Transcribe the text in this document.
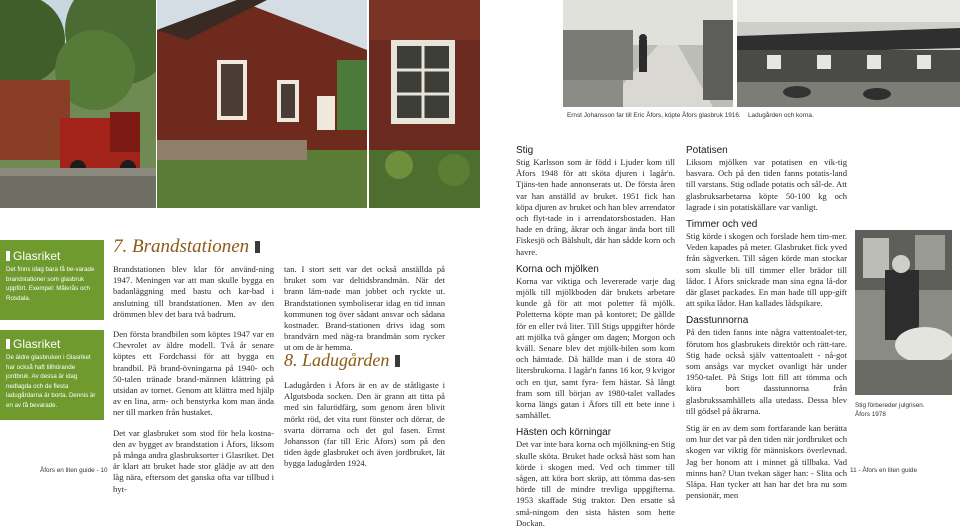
Glasriket
Det finns idag bara få be-varade brandstationer som glasbruk uppfört. Exempel: Målerås och Rosdala.
Glasriket
De äldre glasbruken i Glasriket har också haft tillhörande jordbruk. Av dessa är idag nedlagda och de flesta ladugårdarna är borta. Dennis är en av få bevarade.
7. Brandstationen

Brandstationen blev klar för använd-ning 1947. Meningen var att man skulle bygga en badanläggning med bastu och kar-bad i anslutning till brandstationen. Men av den drömmen blev det bara två badrum.

Den första brandbilen som köptes 1947 var en Chevrolet av äldre modell. Två år senare köptes ett Fordchassi för att bygga en brandbil. På brand-övningarna på 1940- och 50-talen tränade brand-männen klättring på utsidan av tornet. Genom att klättra med hjälp av en lina, arm- och benstyrka kom man ända ner till marken från hustaket.

Det var glasbruket som stod för hela kostna-den av bygget av brandstation i Åfors, liksom på många andra glasbruksorter i Glasriket. Det är klart att bruket hade stor glädje av att den låg nära, eftersom det ganska ofta var tillbud i hyt-

tan. I stort sett var det också anställda på bruket som var deltidsbrandmän. När det brann läm-nade man jobbet och ryckte ut. Brandstationen symboliserar idag en tid innan kommunen tog över sådant ansvar och sådana kostnader. Brand-stationen drivs idag som brandvärn med näg-ra brandmän som rycker ut om de är hemma.

8. Ladugården

Ladugården i Åfors är en av de ståtligaste i Algutsboda socken. Den är grann att titta på med sin falurödfärg, som genom åren blivit mörkt röd, det vita runt fönster och dörrar, de svarta dörrarna och det gul fasen. Ernst Johansson (far till Eric Åfors) som på den tiden ägde glasbruket och även jordbruket, lät bygga ladugården 1924.

Åfors en liten guide - 10
Ernst Johansson far till Eric Åfors, köpte Åfors glasbruk 1916. Ladugården och korna.
Stig

Stig Karlsson som är född i Ljuder kom till Åfors 1948 för att sköta djuren i lagår'n. Tjäns-ten hade annonserats ut. De första åren var han anställd av bruket. 1951 fick han köpa djuren av bruket och han blev arrendator och flyt-tade in i arrendatorsbostaden. Han hade en dräng, åkrar och ängar ända bort till Fiskesjö och Bälshult, där han sådde korn och havre.

Korna och mjölken

Korna var viktiga och levererade varje dag mjölk till mjölkboden där brukets arbetare kunde gå för att mot poletter få mjölk. Poletterna köpte man på kontoret; De gällde för en eller två liter. Till Stigs uppgifter hörde att mjölka två gånger om dagen; Morgon och kväll. Senare blev det mjölk-bilen som kom och hämtade. Då hällde man i de stora 40 litersbrukorna. I lagår'n fanns 16 kor, 9 kvigor och en tjur, samt fyra- fem hästar. Så långt fram som till början av 1980-talet vallades korna längs gatan i Åfors till ett bete inne i samhället.

Hästen och körningar

Det var inte bara korna och mjölkning-en Stig skulle sköta. Bruket hade också häst som han körde i skogen med. Ved och timmer till sågen, att köra bort skräp, att tömma das-sen hörde till de mindre trevliga uppgifterna. 1953 skaffade Stig traktor. Den ersatte så små-ningom den sista hästen som hette Dockan.

Potatisen

Liksom mjölken var potatisen en vik-tig basvara. Och på den tiden fanns potatis-land till varstans. Stig odlade potatis och sål-de. Att glasbruksarbetarna köpte 50-100 kg och lagrade i sin potatiskällare var vanligt.

Timmer och ved

Stig körde i skogen och forslade hem tim-mer. Veden kapades på meter. Glasbruket fick yved från sågverken. Till sågen körde man stockar som skulle bli till timmer eller brädor till lådor. I Åfors snickrade man sina egna lå-dor där glaset packades. En man hade till upp-gift att spika lådor. Han kallades lådspikare.

Dasstunnorna

På den tiden fanns inte några vattentoalet-ter, förutom hos glasbrukets direktör och rätt-tare. Stig hade också själv vattentoalett - nå-got som ansågs var mycket ovanligt här under 1950-talet. På Stigs lott fill att tömma och köra bort dasstunnorna från glasbrukssamhällets alla utedass. Dessa blev till gödsel på åkrarna.

Stig är en av dem som fortfarande kan berätta om hur det var på den tiden när jordbruket och skogen var viktig för människors överlevnad. Jag ber honom att i minnet gå tillbaka. Vad minns han? Utan tvekan säger han: - Slita och Släpa. Han tycker att han har det bra nu som pensionär, men

Stig förbereder julgrisen. Åfors 1978
11 - Åfors en liten guide
